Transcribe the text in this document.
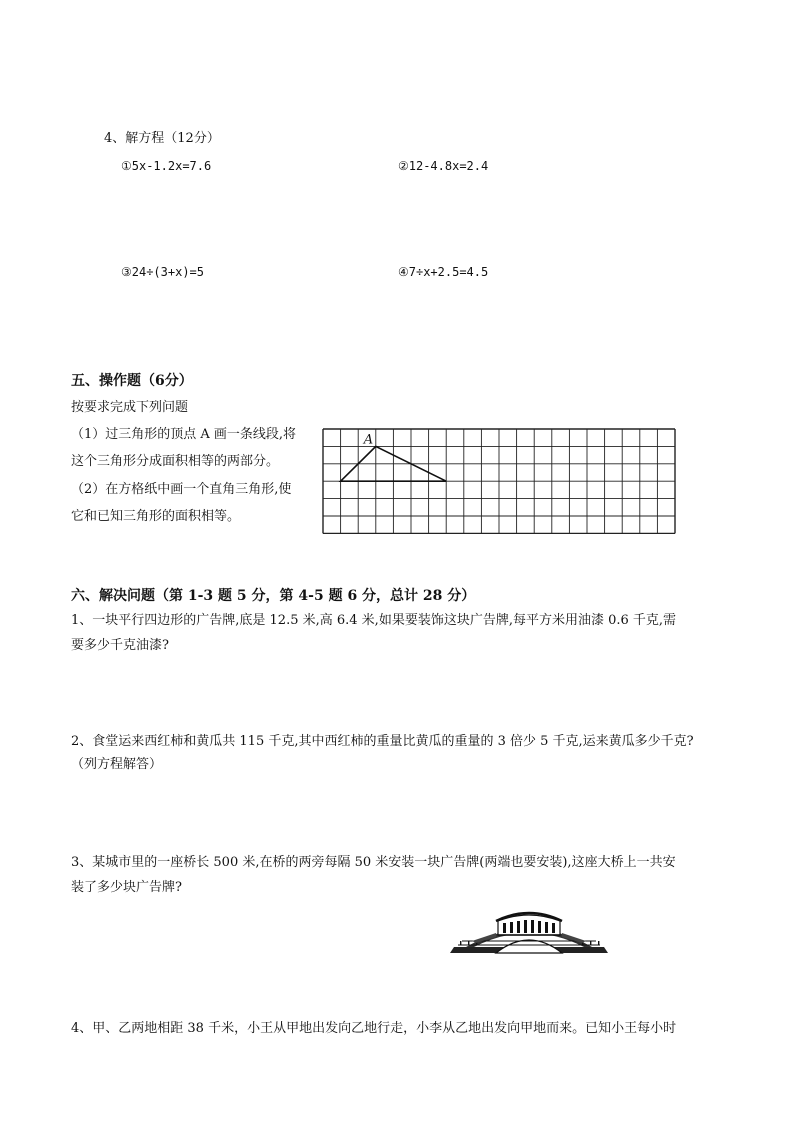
4、解方程（12分）
①5x-1.2x=7.6	②12-4.8x=2.4
③24÷(3+x)=5	④7÷x+2.5=4.5
五、操作题（6分）
按要求完成下列问题
（1）过三角形的顶点 A 画一条线段,将
这个三角形分成面积相等的两部分。
（2）在方格纸中画一个直角三角形,使
它和已知三角形的面积相等。
A
六、解决问题（第 1-3 题 5 分，第 4-5 题 6 分，总计 28 分）
1、一块平行四边形的广告牌,底是 12.5 米,高 6.4 米,如果要装饰这块广告牌,每平方米用油漆 0.6 千克,需
要多少千克油漆?
2、食堂运来西红柿和黄瓜共 115 千克,其中西红柿的重量比黄瓜的重量的 3 倍少 5 千克,运来黄瓜多少千克?
（列方程解答）
3、某城市里的一座桥长 500 米,在桥的两旁每隔 50 米安装一块广告牌(两端也要安装),这座大桥上一共安
装了多少块广告牌?
4、甲、乙两地相距 38 千米，小王从甲地出发向乙地行走，小李从乙地出发向甲地而来。已知小王每小时
